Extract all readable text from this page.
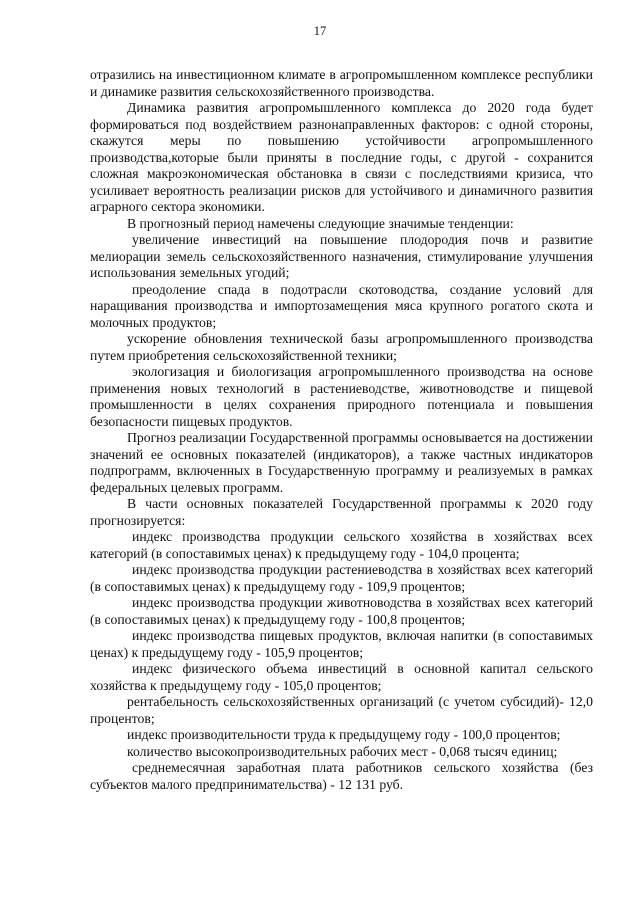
17

отразились на инвестиционном климате в агропромышленном комплексе республики и динамике развития сельскохозяйственного производства.

Динамика развития агропромышленного комплекса до 2020 года будет формироваться под воздействием разнонаправленных факторов: с одной стороны, скажутся меры по повышению устойчивости агропромышленного производства,которые были приняты в последние годы, с другой - сохранится сложная макроэкономическая обстановка в связи с последствиями кризиса, что усиливает вероятность реализации рисков для устойчивого и динамичного развития аграрного сектора экономики.

В прогнозный период намечены следующие значимые тенденции:

увеличение инвестиций на повышение плодородия почв и развитие мелиорации земель сельскохозяйственного назначения, стимулирование улучшения использования земельных угодий;

преодоление спада в подотрасли скотоводства, создание условий для наращивания производства и импортозамещения мяса крупного рогатого скота и молочных продуктов;

ускорение обновления технической базы агропромышленного производства путем приобретения сельскохозяйственной техники;

экологизация и биологизация агропромышленного производства на основе применения новых технологий в растениеводстве, животноводстве и пищевой промышленности в целях сохранения природного потенциала и повышения безопасности пищевых продуктов.

Прогноз реализации Государственной программы основывается на достижении значений ее основных показателей (индикаторов), а также частных индикаторов подпрограмм, включенных в Государственную программу и реализуемых в рамках федеральных целевых программ.

В части основных показателей Государственной программы к 2020 году прогнозируется:

индекс производства продукции сельского хозяйства в хозяйствах всех категорий (в сопоставимых ценах) к предыдущему году - 104,0 процента;

индекс производства продукции растениеводства в хозяйствах всех категорий (в сопоставимых ценах) к предыдущему году - 109,9 процентов;

индекс производства продукции животноводства в хозяйствах всех категорий (в сопоставимых ценах) к предыдущему году - 100,8 процентов;

индекс производства пищевых продуктов, включая напитки (в сопоставимых ценах) к предыдущему году - 105,9 процентов;

индекс физического объема инвестиций в основной капитал сельского хозяйства к предыдущему году - 105,0 процентов;

рентабельность сельскохозяйственных организаций (с учетом субсидий)- 12,0 процентов;

индекс производительности труда к предыдущему году - 100,0 процентов;

количество высокопроизводительных рабочих мест - 0,068 тысяч единиц;

среднемесячная заработная плата работников сельского хозяйства (без субъектов малого предпринимательства) - 12 131 руб.
